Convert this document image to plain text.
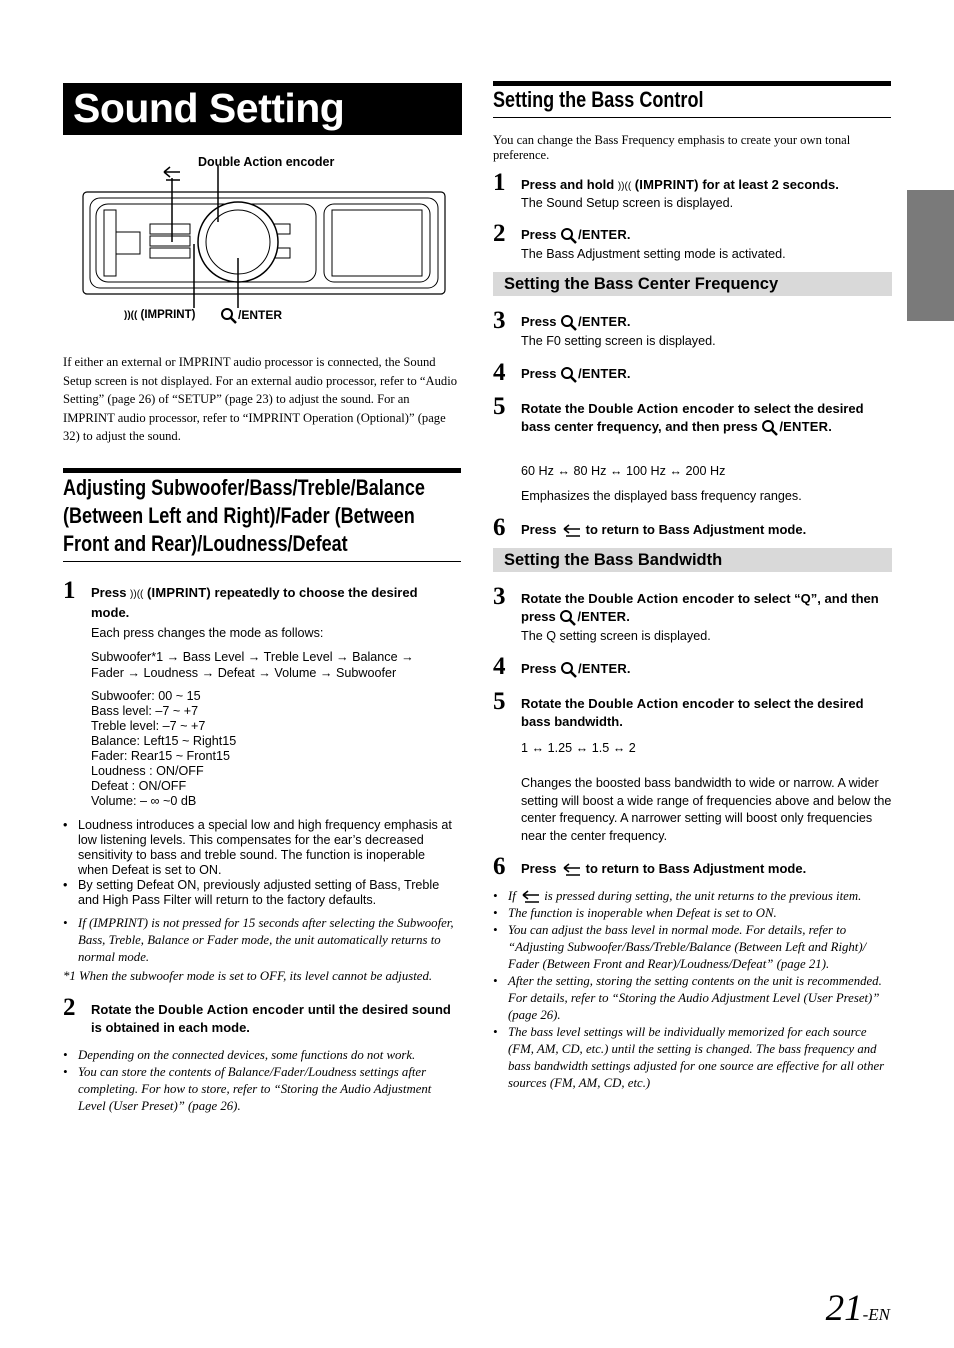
Sound Setting
Double Action encoder
))(( (IMPRINT)	/ENTER
If either an external or IMPRINT audio processor is connected, the Sound Setup screen is not displayed. For an external audio processor, refer to “Audio Setting” (page 26) of “SETUP” (page 23) to adjust the sound. For an IMPRINT audio processor, refer to “IMPRINT Operation (Optional)” (page 32) to adjust the sound.
Adjusting Subwoofer/Bass/Treble/Balance
(Between Left and Right)/Fader (Between
Front and Rear)/Loudness/Defeat
1 Press ))(( (IMPRINT) repeatedly to choose the desired mode.
Each press changes the mode as follows:
Subwoofer*1 → Bass Level → Treble Level → Balance →
Fader → Loudness → Defeat → Volume → Subwoofer
Subwoofer: 00 ~ 15
Bass level: –7 ~ +7
Treble level: –7 ~ +7
Balance: Left15 ~ Right15
Fader: Rear15 ~ Front15
Loudness : ON/OFF
Defeat : ON/OFF
Volume: – ∞ ~0 dB
• Loudness introduces a special low and high frequency emphasis at low listening levels. This compensates for the ear’s decreased sensitivity to bass and treble sound. The function is inoperable when Defeat is set to ON.
• By setting Defeat ON, previously adjusted setting of Bass, Treble and High Pass Filter will return to the factory defaults.
• If (IMPRINT) is not pressed for 15 seconds after selecting the Subwoofer, Bass, Treble, Balance or Fader mode, the unit automatically returns to normal mode.
*1 When the subwoofer mode is set to OFF, its level cannot be adjusted.
2 Rotate the Double Action encoder until the desired sound is obtained in each mode.
• Depending on the connected devices, some functions do not work.
• You can store the contents of Balance/Fader/Loudness settings after completing. For how to store, refer to “Storing the Audio Adjustment Level (User Preset)” (page 26).
Setting the Bass Control
You can change the Bass Frequency emphasis to create your own tonal preference.
1 Press and hold ))(( (IMPRINT) for at least 2 seconds.
The Sound Setup screen is displayed.
2 Press /ENTER.
The Bass Adjustment setting mode is activated.
Setting the Bass Center Frequency
3 Press /ENTER.
The F0 setting screen is displayed.
4 Press /ENTER.
5 Rotate the Double Action encoder to select the desired bass center frequency, and then press /ENTER.
60 Hz ↔ 80 Hz ↔ 100 Hz ↔ 200 Hz
Emphasizes the displayed bass frequency ranges.
6 Press to return to Bass Adjustment mode.
Setting the Bass Bandwidth
3 Rotate the Double Action encoder to select “Q”, and then press /ENTER.
The Q setting screen is displayed.
4 Press /ENTER.
5 Rotate the Double Action encoder to select the desired bass bandwidth.
1 ↔ 1.25 ↔ 1.5 ↔ 2
Changes the boosted bass bandwidth to wide or narrow. A wider setting will boost a wide range of frequencies above and below the center frequency. A narrower setting will boost only frequencies near the center frequency.
6 Press to return to Bass Adjustment mode.
• If is pressed during setting, the unit returns to the previous item.
• The function is inoperable when Defeat is set to ON.
• You can adjust the bass level in normal mode. For details, refer to “Adjusting Subwoofer/Bass/Treble/Balance (Between Left and Right)/ Fader (Between Front and Rear)/Loudness/Defeat” (page 21).
• After the setting, storing the setting contents on the unit is recommended. For details, refer to “Storing the Audio Adjustment Level (User Preset)” (page 26).
• The bass level settings will be individually memorized for each source (FM, AM, CD, etc.) until the setting is changed. The bass frequency and bass bandwidth settings adjusted for one source are effective for all other sources (FM, AM, CD, etc.)
21-EN
